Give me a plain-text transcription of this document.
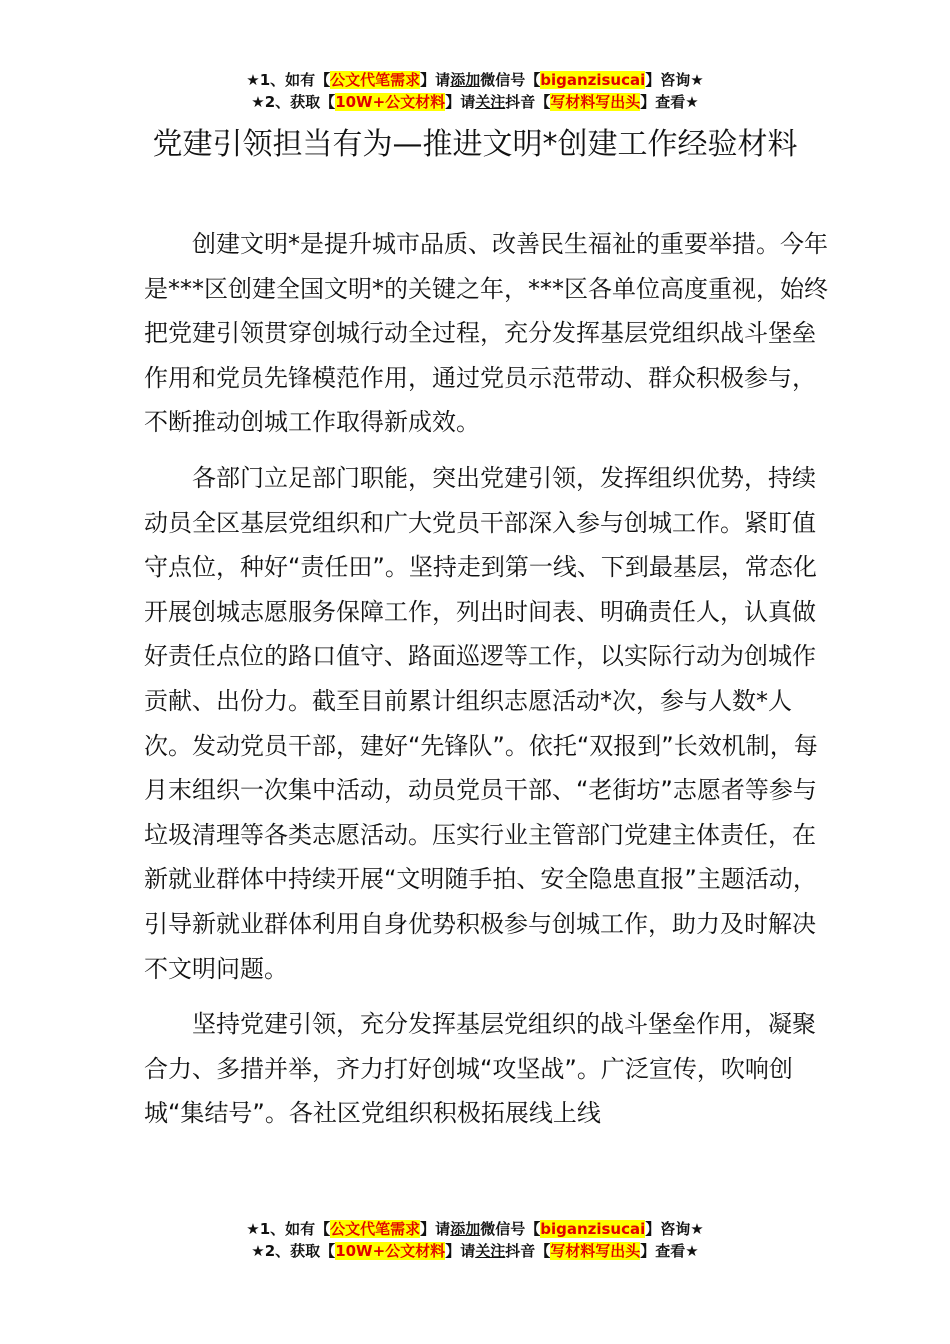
★1、如有【公文代笔需求】请添加微信号【biganzisucai】咨询★
★2、获取【10W+公文材料】请关注抖音【写材料写出头】查看★
党建引领担当有为—推进文明*创建工作经验材料

创建文明*是提升城市品质、改善民生福祉的重要举措。今年是***区创建全国文明*的关键之年，***区各单位高度重视，始终把党建引领贯穿创城行动全过程，充分发挥基层党组织战斗堡垒作用和党员先锋模范作用，通过党员示范带动、群众积极参与，不断推动创城工作取得新成效。

各部门立足部门职能，突出党建引领，发挥组织优势，持续动员全区基层党组织和广大党员干部深入参与创城工作。紧盯值守点位，种好“责任田”。坚持走到第一线、下到最基层，常态化开展创城志愿服务保障工作，列出时间表、明确责任人，认真做好责任点位的路口值守、路面巡逻等工作，以实际行动为创城作贡献、出份力。截至目前累计组织志愿活动*次，参与人数*人次。发动党员干部，建好“先锋队”。依托“双报到”长效机制，每月末组织一次集中活动，动员党员干部、“老街坊”志愿者等参与垃圾清理等各类志愿活动。压实行业主管部门党建主体责任，在新就业群体中持续开展“文明随手拍、安全隐患直报”主题活动，引导新就业群体利用自身优势积极参与创城工作，助力及时解决不文明问题。

坚持党建引领，充分发挥基层党组织的战斗堡垒作用，凝聚合力、多措并举，齐力打好创城“攻坚战”。广泛宣传，吹响创城“集结号”。各社区党组织积极拓展线上线

★1、如有【公文代笔需求】请添加微信号【biganzisucai】咨询★
★2、获取【10W+公文材料】请关注抖音【写材料写出头】查看★
